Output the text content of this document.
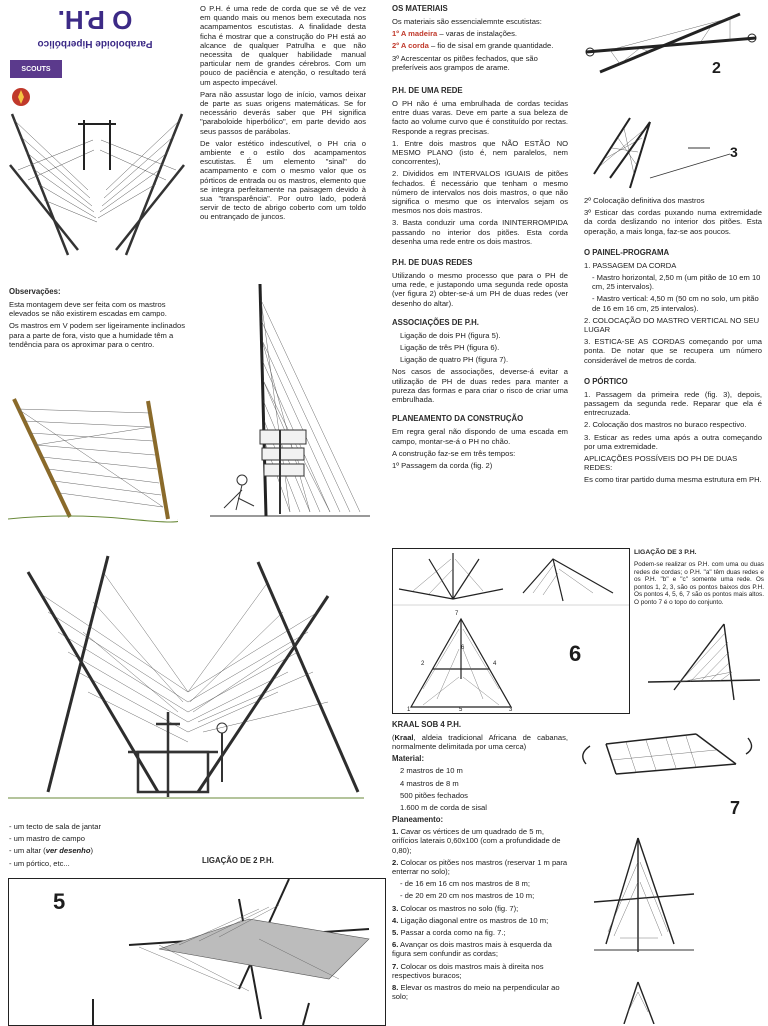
O P.H.
Paraboloide Hiperbólico
SCOUTS
Observações:

Esta montagem deve ser feita com os mastros elevados se não existirem escadas em campo.

Os mastros em V podem ser ligeiramente inclinados para a parte de fora, visto que a humidade têm a tendência para os aproximar para o centro.

- um tecto de sala de jantar
- um mastro de campo
- um altar (ver desenho)
- um pórtico, etc...	LIGAÇÃO DE 2 P.H.
5

O P.H. é uma rede de corda que se vê de vez em quando mais ou menos bem executada nos acampamentos escutistas. A finalidade desta ficha é mostrar que a construção do PH está ao alcance de qualquer Patrulha e que não necessita de qualquer habilidade manual particular nem de grandes cérebros. Com um pouco de paciência e atenção, o resultado terá um aspecto impecável.

Para não assustar logo de início, vamos deixar de parte as suas origens matemáticas. Se for necessário deverás saber que PH significa "paraboloide hiperbólico", em parte devido aos seus passos de parábolas.

De valor estético indescutível, o PH cria o ambiente e o estilo dos acampamentos escutistas. É um elemento "sinal" do acampamento e com o mesmo valor que os pórticos de entrada ou os mastros, elemento que se integra perfeitamente na paisagem devido à sua "transparência". Por outro lado, poderá servir de tecto de abrigo coberto com um toldo ou entrançado de juncos.

OS MATERIAIS

Os materiais são essencialemnte escutistas:

1º A madeira – varas de instalações.

2º A corda – fio de sisal em grande quantidade.

3º Acrescentar os pitões fechados, que são preferíveis aos grampos de arame.

P.H. DE UMA REDE

O PH não é uma embrulhada de cordas tecidas entre duas varas. Deve em parte a sua beleza de facto ao volume curvo que é constituído por rectas. Responde a regras precisas.

1. Entre dois mastros que NÃO ESTÃO NO MESMO PLANO (isto é, nem paralelos, nem concorrentes),

2. Divididos em INTERVALOS IGUAIS de pitões fechados. É necessário que tenham o mesmo número de intervalos nos dois mastros, o que não significa o mesmo que os intervalos sejam os mesmos nos dois mastros.

3. Basta conduzir uma corda ININTERROMPIDA passando no interior dos pitões. Esta corda desenha uma rede entre os dois mastros.

P.H. DE DUAS REDES

Utilizando o mesmo processo que para o PH de uma rede, e justapondo uma segunda rede oposta (ver figura 2) obter-se-á um PH de duas redes (ver desenho do altar).

ASSOCIAÇÕES DE P.H.
Ligação de dois PH (figura 5).
Ligação de três PH (figura 6).
Ligação de quatro PH (figura 7).

Nos casos de associações, deverse-á evitar a utilização de PH de duas redes para manter a pureza das formas e para criar o risco de criar uma embrulhada.

PLANEAMENTO DA CONSTRUÇÃO

Em regra geral não dispondo de uma escada em campo, montar-se-á o PH no chão.

A construção faz-se em três tempos:

1º Passagem da corda (fig. 2)

2
7
6
4
1	5	3
6
KRAAL SOB 4 P.H.

(Kraal, aldeia tradicional Africana de cabanas, normalmente delimitada por uma cerca)

Material:
2 mastros de 10 m
4 mastros de 8 m
500 pitões fechados
1.600 m de corda de sisal
Planeamento:
1. Cavar os vértices de um quadrado de 5 m, orifícios laterais 0,60x100 (com a profundidade de 0,80);
2. Colocar os pitões nos mastros (reservar 1 m para enterrar no solo);
- de 16 em 16 cm nos mastros de 8 m;
- de 20 em 20 cm nos mastros de 10 m;
3. Colocar os mastros no solo (fig. 7);
4. Ligação diagonal entre os mastros de 10 m;
5. Passar a corda como na fig. 7.;
6. Avançar os dois mastros mais à esquerda da figura sem confundir as cordas;
7. Colocar os dois mastros mais à direita nos respectivos buracos;
8. Elevar os mastros do meio na perpendicular ao solo;
2
3

2º Colocação definitiva dos mastros

3º Esticar das cordas puxando numa extremidade da corda deslizando no interior dos pitões. Esta operação, a mais longa, faz-se aos poucos.

O PAINEL-PROGRAMA
1. PASSAGEM DA CORDA
- Mastro horizontal, 2,50 m (um pitão de 10 em 10 cm, 25 intervalos).
- Mastro vertical: 4,50 m (50 cm no solo, um pitão de 16 em 16 cm, 25 intervalos).
2. COLOCAÇÃO DO MASTRO VERTICAL NO SEU LUGAR
3. ESTICA-SE AS CORDAS começando por uma ponta. De notar que se recupera um número considerável de metros de corda.
O PÓRTICO

1. Passagem da primeira rede (fig. 3), depois, passagem da segunda rede. Reparar que ela é entrecruzada.

2. Colocação dos mastros no buraco respectivo.

3. Esticar as redes uma após a outra começando por uma extremidade.

APLICAÇÕES POSSÍVEIS DO PH DE DUAS REDES:

Es como tirar partido duma mesma estrutura em PH.

LIGAÇÃO DE 3 P.H.
Podem-se realizar os P.H. com uma ou duas redes de cordas; o P.H. "a" têm duas redes e os P.H. "b" e "c" somente uma rede. Os pontos 1, 2, 3, são os pontos baixos dos P.H. Os pontos 4, 5, 6, 7 são os pontos mais altos. O ponto 7 é o topo do conjunto.
7
